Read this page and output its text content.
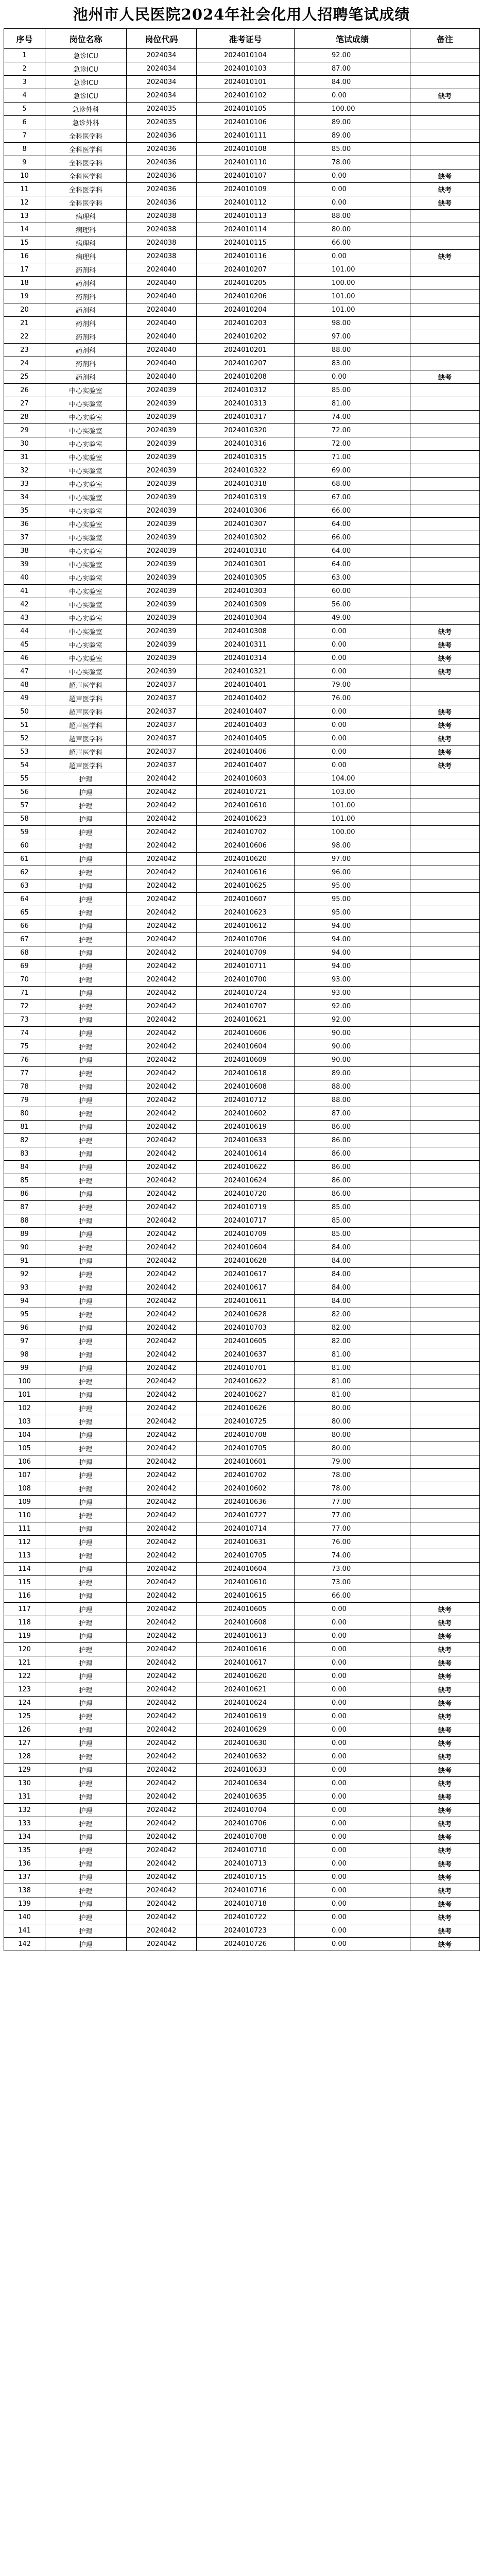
池州市人民医院2024年社会化用人招聘笔试成绩
序号	岗位名称	岗位代码	准考证号	笔试成绩	备注
1	急诊ICU	2024034	2024010104	92.00	
2	急诊ICU	2024034	2024010103	87.00	
3	急诊ICU	2024034	2024010101	84.00	
4	急诊ICU	2024034	2024010102	0.00	缺考
5	急诊外科	2024035	2024010105	100.00	
6	急诊外科	2024035	2024010106	89.00	
7	全科医学科	2024036	2024010111	89.00	
8	全科医学科	2024036	2024010108	85.00	
9	全科医学科	2024036	2024010110	78.00	
10	全科医学科	2024036	2024010107	0.00	缺考
11	全科医学科	2024036	2024010109	0.00	缺考
12	全科医学科	2024036	2024010112	0.00	缺考
13	病理科	2024038	2024010113	88.00	
14	病理科	2024038	2024010114	80.00	
15	病理科	2024038	2024010115	66.00	
16	病理科	2024038	2024010116	0.00	缺考
17	药剂科	2024040	2024010207	101.00	
18	药剂科	2024040	2024010205	100.00	
19	药剂科	2024040	2024010206	101.00	
20	药剂科	2024040	2024010204	101.00	
21	药剂科	2024040	2024010203	98.00	
22	药剂科	2024040	2024010202	97.00	
23	药剂科	2024040	2024010201	88.00	
24	药剂科	2024040	2024010207	83.00	
25	药剂科	2024040	2024010208	0.00	缺考
26	中心实验室	2024039	2024010312	85.00	
27	中心实验室	2024039	2024010313	81.00	
28	中心实验室	2024039	2024010317	74.00	
29	中心实验室	2024039	2024010320	72.00	
30	中心实验室	2024039	2024010316	72.00	
31	中心实验室	2024039	2024010315	71.00	
32	中心实验室	2024039	2024010322	69.00	
33	中心实验室	2024039	2024010318	68.00	
34	中心实验室	2024039	2024010319	67.00	
35	中心实验室	2024039	2024010306	66.00	
36	中心实验室	2024039	2024010307	64.00	
37	中心实验室	2024039	2024010302	66.00	
38	中心实验室	2024039	2024010310	64.00	
39	中心实验室	2024039	2024010301	64.00	
40	中心实验室	2024039	2024010305	63.00	
41	中心实验室	2024039	2024010303	60.00	
42	中心实验室	2024039	2024010309	56.00	
43	中心实验室	2024039	2024010304	49.00	
44	中心实验室	2024039	2024010308	0.00	缺考
45	中心实验室	2024039	2024010311	0.00	缺考
46	中心实验室	2024039	2024010314	0.00	缺考
47	中心实验室	2024039	2024010321	0.00	缺考
48	超声医学科	2024037	2024010401	79.00	
49	超声医学科	2024037	2024010402	76.00	
50	超声医学科	2024037	2024010407	0.00	缺考
51	超声医学科	2024037	2024010403	0.00	缺考
52	超声医学科	2024037	2024010405	0.00	缺考
53	超声医学科	2024037	2024010406	0.00	缺考
54	超声医学科	2024037	2024010407	0.00	缺考
55	护理	2024042	2024010603	104.00	
56	护理	2024042	2024010721	103.00	
57	护理	2024042	2024010610	101.00	
58	护理	2024042	2024010623	101.00	
59	护理	2024042	2024010702	100.00	
60	护理	2024042	2024010606	98.00	
61	护理	2024042	2024010620	97.00	
62	护理	2024042	2024010616	96.00	
63	护理	2024042	2024010625	95.00	
64	护理	2024042	2024010607	95.00	
65	护理	2024042	2024010623	95.00	
66	护理	2024042	2024010612	94.00	
67	护理	2024042	2024010706	94.00	
68	护理	2024042	2024010709	94.00	
69	护理	2024042	2024010711	94.00	
70	护理	2024042	2024010700	93.00	
71	护理	2024042	2024010724	93.00	
72	护理	2024042	2024010707	92.00	
73	护理	2024042	2024010621	92.00	
74	护理	2024042	2024010606	90.00	
75	护理	2024042	2024010604	90.00	
76	护理	2024042	2024010609	90.00	
77	护理	2024042	2024010618	89.00	
78	护理	2024042	2024010608	88.00	
79	护理	2024042	2024010712	88.00	
80	护理	2024042	2024010602	87.00	
81	护理	2024042	2024010619	86.00	
82	护理	2024042	2024010633	86.00	
83	护理	2024042	2024010614	86.00	
84	护理	2024042	2024010622	86.00	
85	护理	2024042	2024010624	86.00	
86	护理	2024042	2024010720	86.00	
87	护理	2024042	2024010719	85.00	
88	护理	2024042	2024010717	85.00	
89	护理	2024042	2024010709	85.00	
90	护理	2024042	2024010604	84.00	
91	护理	2024042	2024010628	84.00	
92	护理	2024042	2024010617	84.00	
93	护理	2024042	2024010617	84.00	
94	护理	2024042	2024010611	84.00	
95	护理	2024042	2024010628	82.00	
96	护理	2024042	2024010703	82.00	
97	护理	2024042	2024010605	82.00	
98	护理	2024042	2024010637	81.00	
99	护理	2024042	2024010701	81.00	
100	护理	2024042	2024010622	81.00	
101	护理	2024042	2024010627	81.00	
102	护理	2024042	2024010626	80.00	
103	护理	2024042	2024010725	80.00	
104	护理	2024042	2024010708	80.00	
105	护理	2024042	2024010705	80.00	
106	护理	2024042	2024010601	79.00	
107	护理	2024042	2024010702	78.00	
108	护理	2024042	2024010602	78.00	
109	护理	2024042	2024010636	77.00	
110	护理	2024042	2024010727	77.00	
111	护理	2024042	2024010714	77.00	
112	护理	2024042	2024010631	76.00	
113	护理	2024042	2024010705	74.00	
114	护理	2024042	2024010604	73.00	
115	护理	2024042	2024010610	73.00	
116	护理	2024042	2024010615	66.00	
117	护理	2024042	2024010605	0.00	缺考
118	护理	2024042	2024010608	0.00	缺考
119	护理	2024042	2024010613	0.00	缺考
120	护理	2024042	2024010616	0.00	缺考
121	护理	2024042	2024010617	0.00	缺考
122	护理	2024042	2024010620	0.00	缺考
123	护理	2024042	2024010621	0.00	缺考
124	护理	2024042	2024010624	0.00	缺考
125	护理	2024042	2024010619	0.00	缺考
126	护理	2024042	2024010629	0.00	缺考
127	护理	2024042	2024010630	0.00	缺考
128	护理	2024042	2024010632	0.00	缺考
129	护理	2024042	2024010633	0.00	缺考
130	护理	2024042	2024010634	0.00	缺考
131	护理	2024042	2024010635	0.00	缺考
132	护理	2024042	2024010704	0.00	缺考
133	护理	2024042	2024010706	0.00	缺考
134	护理	2024042	2024010708	0.00	缺考
135	护理	2024042	2024010710	0.00	缺考
136	护理	2024042	2024010713	0.00	缺考
137	护理	2024042	2024010715	0.00	缺考
138	护理	2024042	2024010716	0.00	缺考
139	护理	2024042	2024010718	0.00	缺考
140	护理	2024042	2024010722	0.00	缺考
141	护理	2024042	2024010723	0.00	缺考
142	护理	2024042	2024010726	0.00	缺考
